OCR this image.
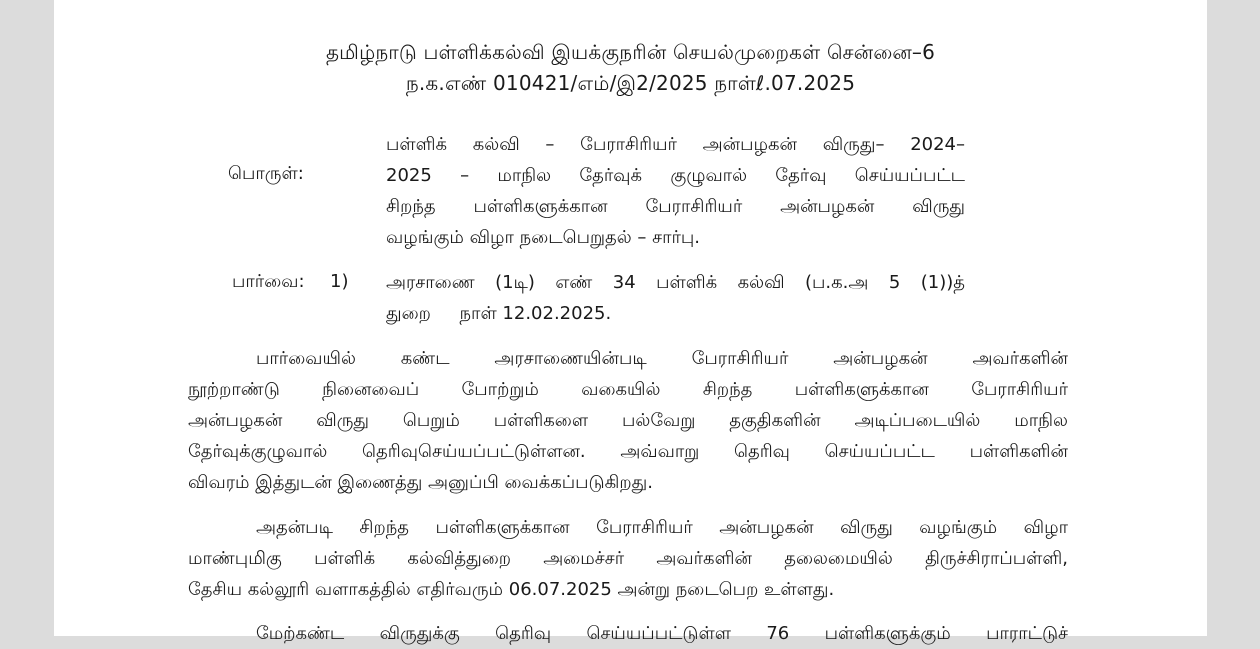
தமிழ்நாடு பள்ளிக்கல்வி இயக்குநரின் செயல்முறைகள் சென்னை–6
ந.க.எண் 010421/எம்/இ2/2025 நாள்ℓ.07.2025
பொருள்:
பள்ளிக் கல்வி – பேராசிரியர் அன்பழகன் விருது– 2024–
2025 – மாநில தேர்வுக் குழுவால் தேர்வு செய்யப்பட்ட
சிறந்த பள்ளிகளுக்கான பேராசிரியர் அன்பழகன் விருது
வழங்கும் விழா நடைபெறுதல் – சார்பு.
பார்வை: 1) அரசாணை (1டி) எண் 34 பள்ளிக் கல்வி (ப.க.அ 5 (1))த்
துறை     நாள் 12.02.2025.
பார்வையில் கண்ட அரசாணையின்படி பேராசிரியர் அன்பழகன் அவர்களின்
நூற்றாண்டு நினைவைப் போற்றும் வகையில் சிறந்த பள்ளிகளுக்கான பேராசிரியர்
அன்பழகன் விருது பெறும் பள்ளிகளை பல்வேறு தகுதிகளின் அடிப்படையில் மாநில
தேர்வுக்குழுவால் தெரிவுசெய்யப்பட்டுள்ளன. அவ்வாறு தெரிவு செய்யப்பட்ட பள்ளிகளின்
விவரம் இத்துடன் இணைத்து அனுப்பி வைக்கப்படுகிறது.
அதன்படி சிறந்த பள்ளிகளுக்கான பேராசிரியர் அன்பழகன் விருது வழங்கும் விழா
மாண்புமிகு பள்ளிக் கல்வித்துறை அமைச்சர் அவர்களின் தலைமையில் திருச்சிராப்பள்ளி,
தேசிய கல்லூரி வளாகத்தில் எதிர்வரும் 06.07.2025 அன்று நடைபெற உள்ளது.
மேற்கண்ட விருதுக்கு தெரிவு செய்யப்பட்டுள்ள 76 பள்ளிகளுக்கும் பாராட்டுச்
